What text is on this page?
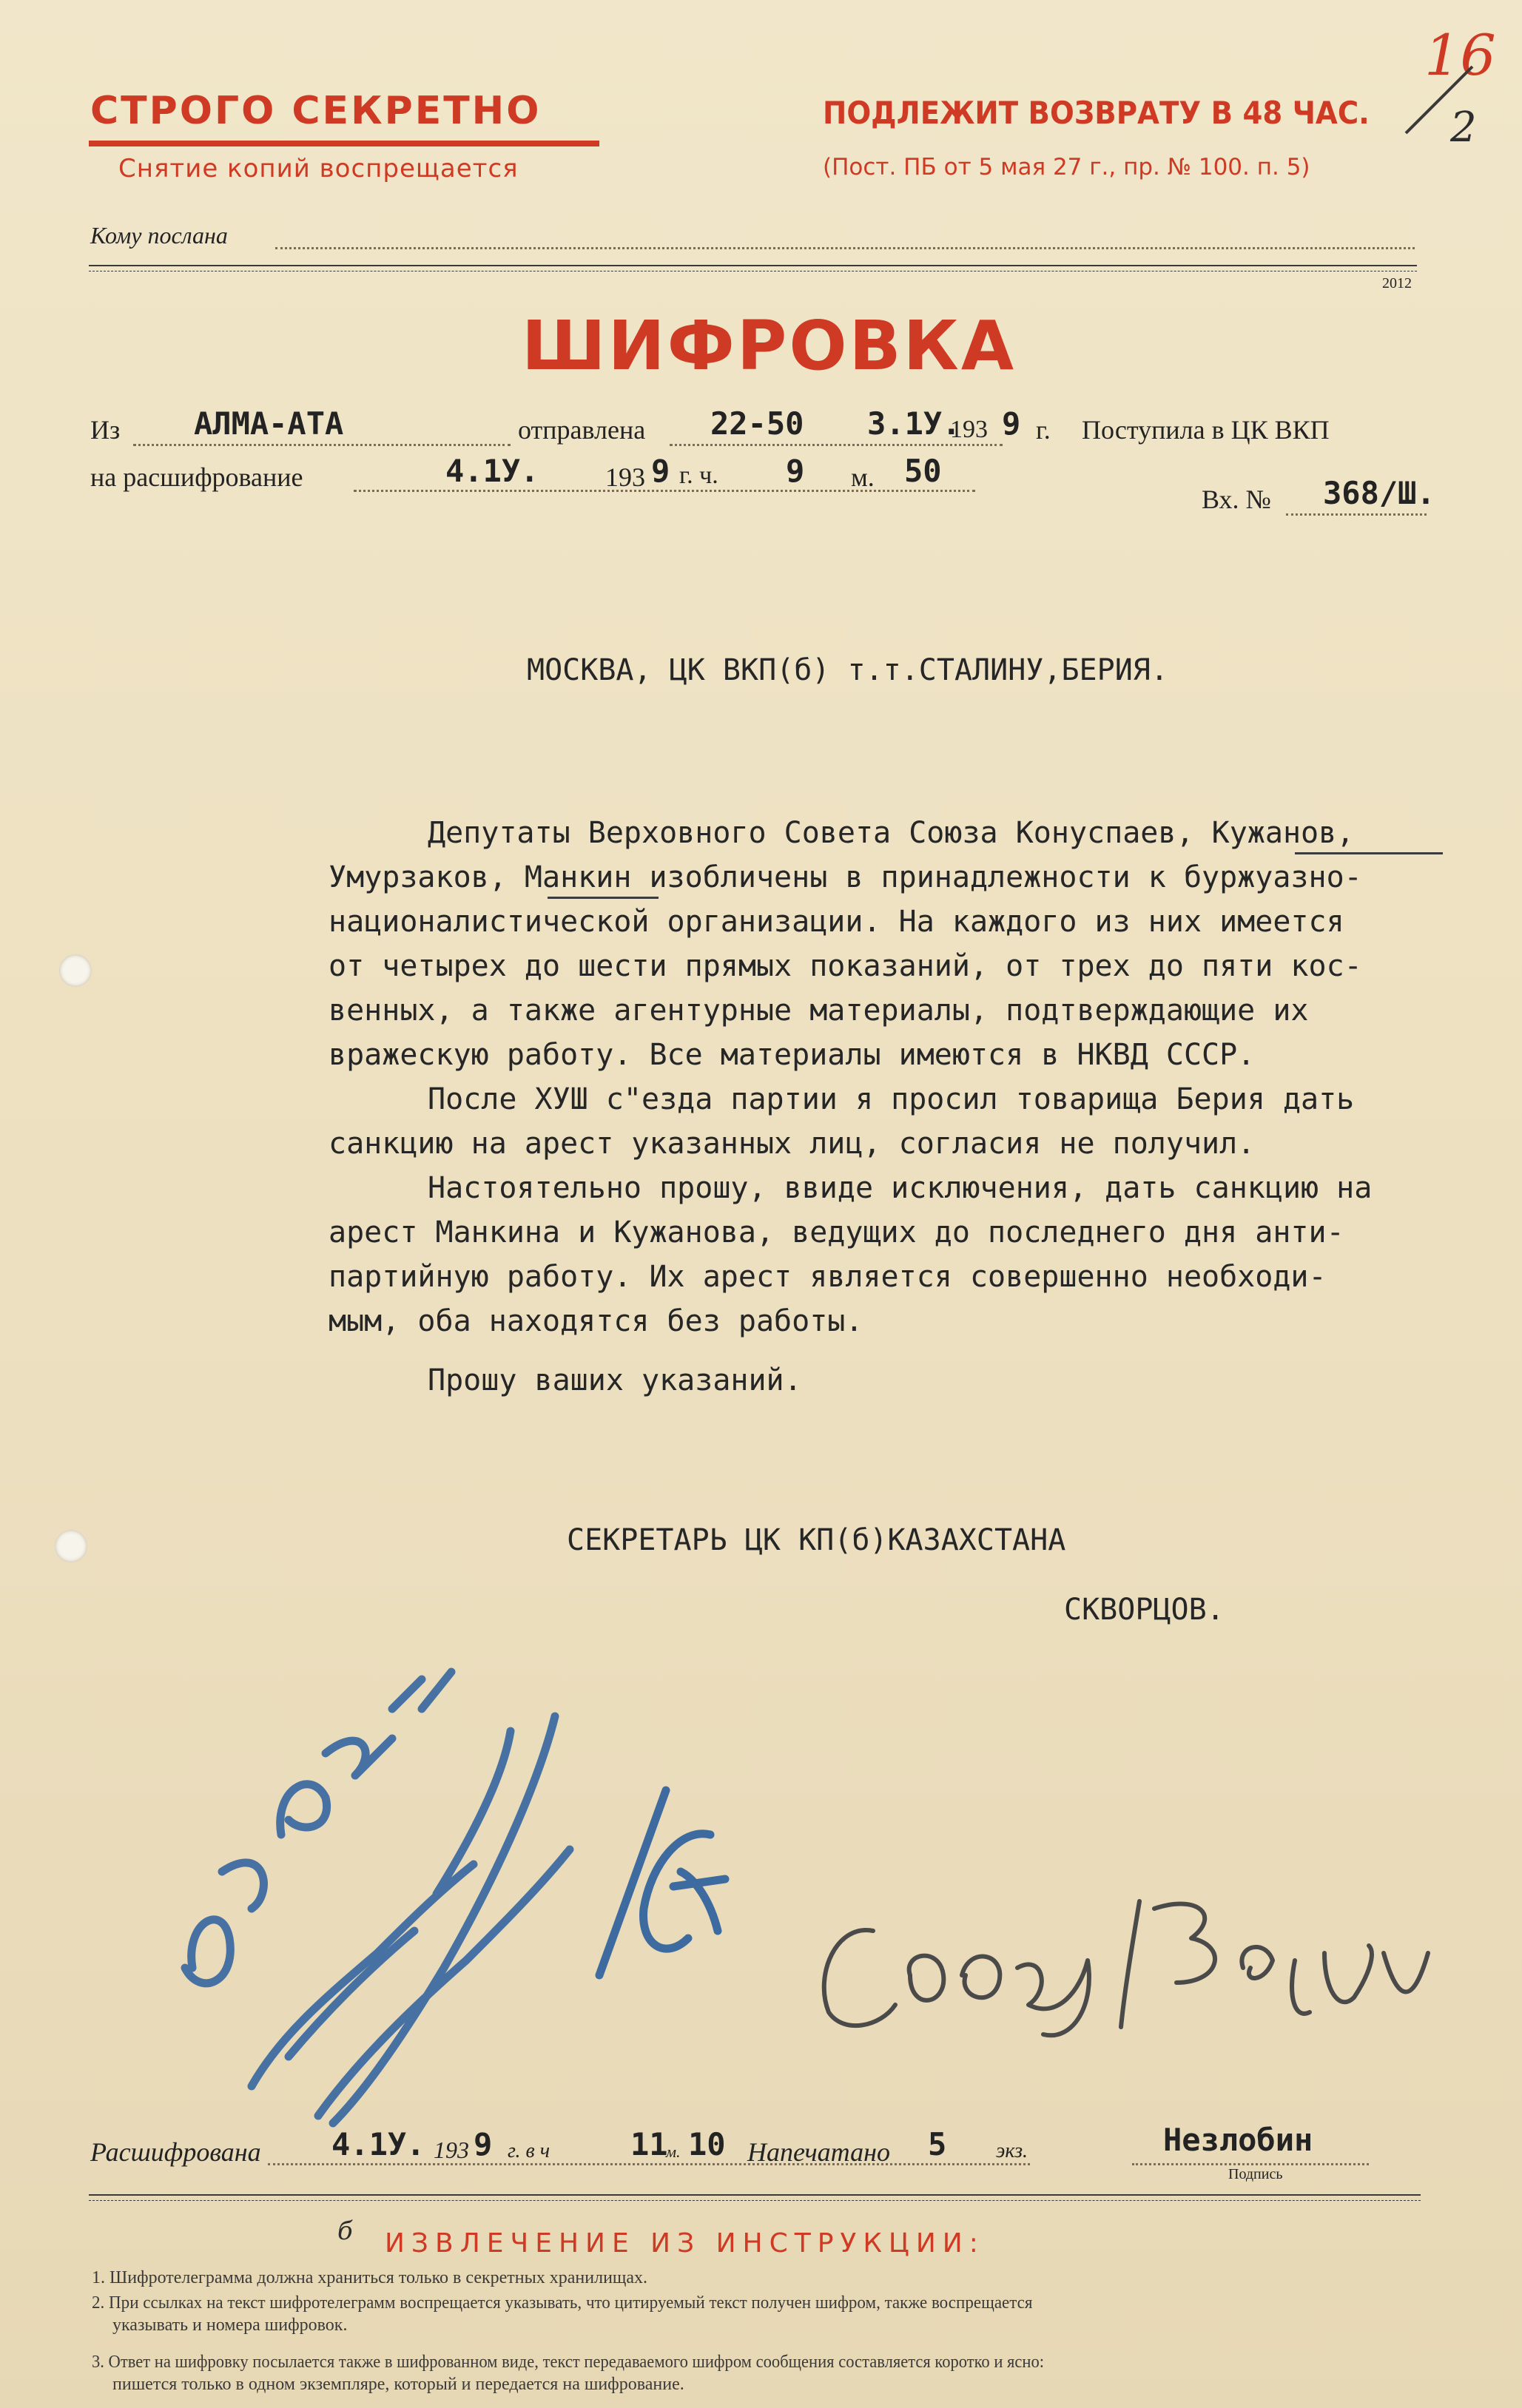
СТРОГО СЕКРЕТНО
Снятие копий воспрещается
ПОДЛЕЖИТ ВОЗВРАТУ В 48 ЧАС.
(Пост. ПБ от 5 мая 27 г., пр. № 100. п. 5)
16
2
Кому послана
2012
ШИФРОВКА
Из АЛМА-АТА	отправлена 22-50 3.1У.
193 9 г. Поступила в ЦК ВКП
на расшифрование	4.1У. 193 9 г. ч. 9 м. 50
Вх. № 368/Ш.
МОСКВА, ЦК ВКП(б) т.т.СТАЛИНУ,БЕРИЯ.
Депутаты Верховного Совета Союза Конуспаев, Кужанов,
Умурзаков, Манкин изобличены в принадлежности к буржуазно-
националистической организации. На каждого из них имеется
от четырех до шести прямых показаний, от трех до пяти кос-
венных, а также агентурные материалы, подтверждающие их
вражескую работу. Все материалы имеются в НКВД СССР.
После ХУШ с"езда партии я просил товарища Берия дать
санкцию на арест указанных лиц, согласия не получил.
Настоятельно прошу, ввиде исключения, дать санкцию на
арест Манкина и Кужанова, ведущих до последнего дня анти-
партийную работу. Их арест является совершенно необходи-
мым, оба находятся без работы.
Прошу ваших указаний.
СЕКРЕТАРЬ ЦК КП(б)КАЗАХСТАНА
СКВОРЦОВ.
Расшифрована 4.1У. 193 9 г. в ч	11
м. 10 Напечатано 5 экз.	Незлобин
Подпись
б ИЗВЛЕЧЕНИЕ ИЗ ИНСТРУКЦИИ:
1. Шифротелеграмма должна храниться только в секретных хранилищах.
2. При ссылках на текст шифротелеграмм воспрещается указывать, что цитируемый текст получен шифром, также воспрещается
указывать и номера шифровок.
3. Ответ на шифровку посылается также в шифрованном виде, текст передаваемого шифром сообщения составляется коротко и ясно:
пишется только в одном экземпляре, который и передается на шифрование.
